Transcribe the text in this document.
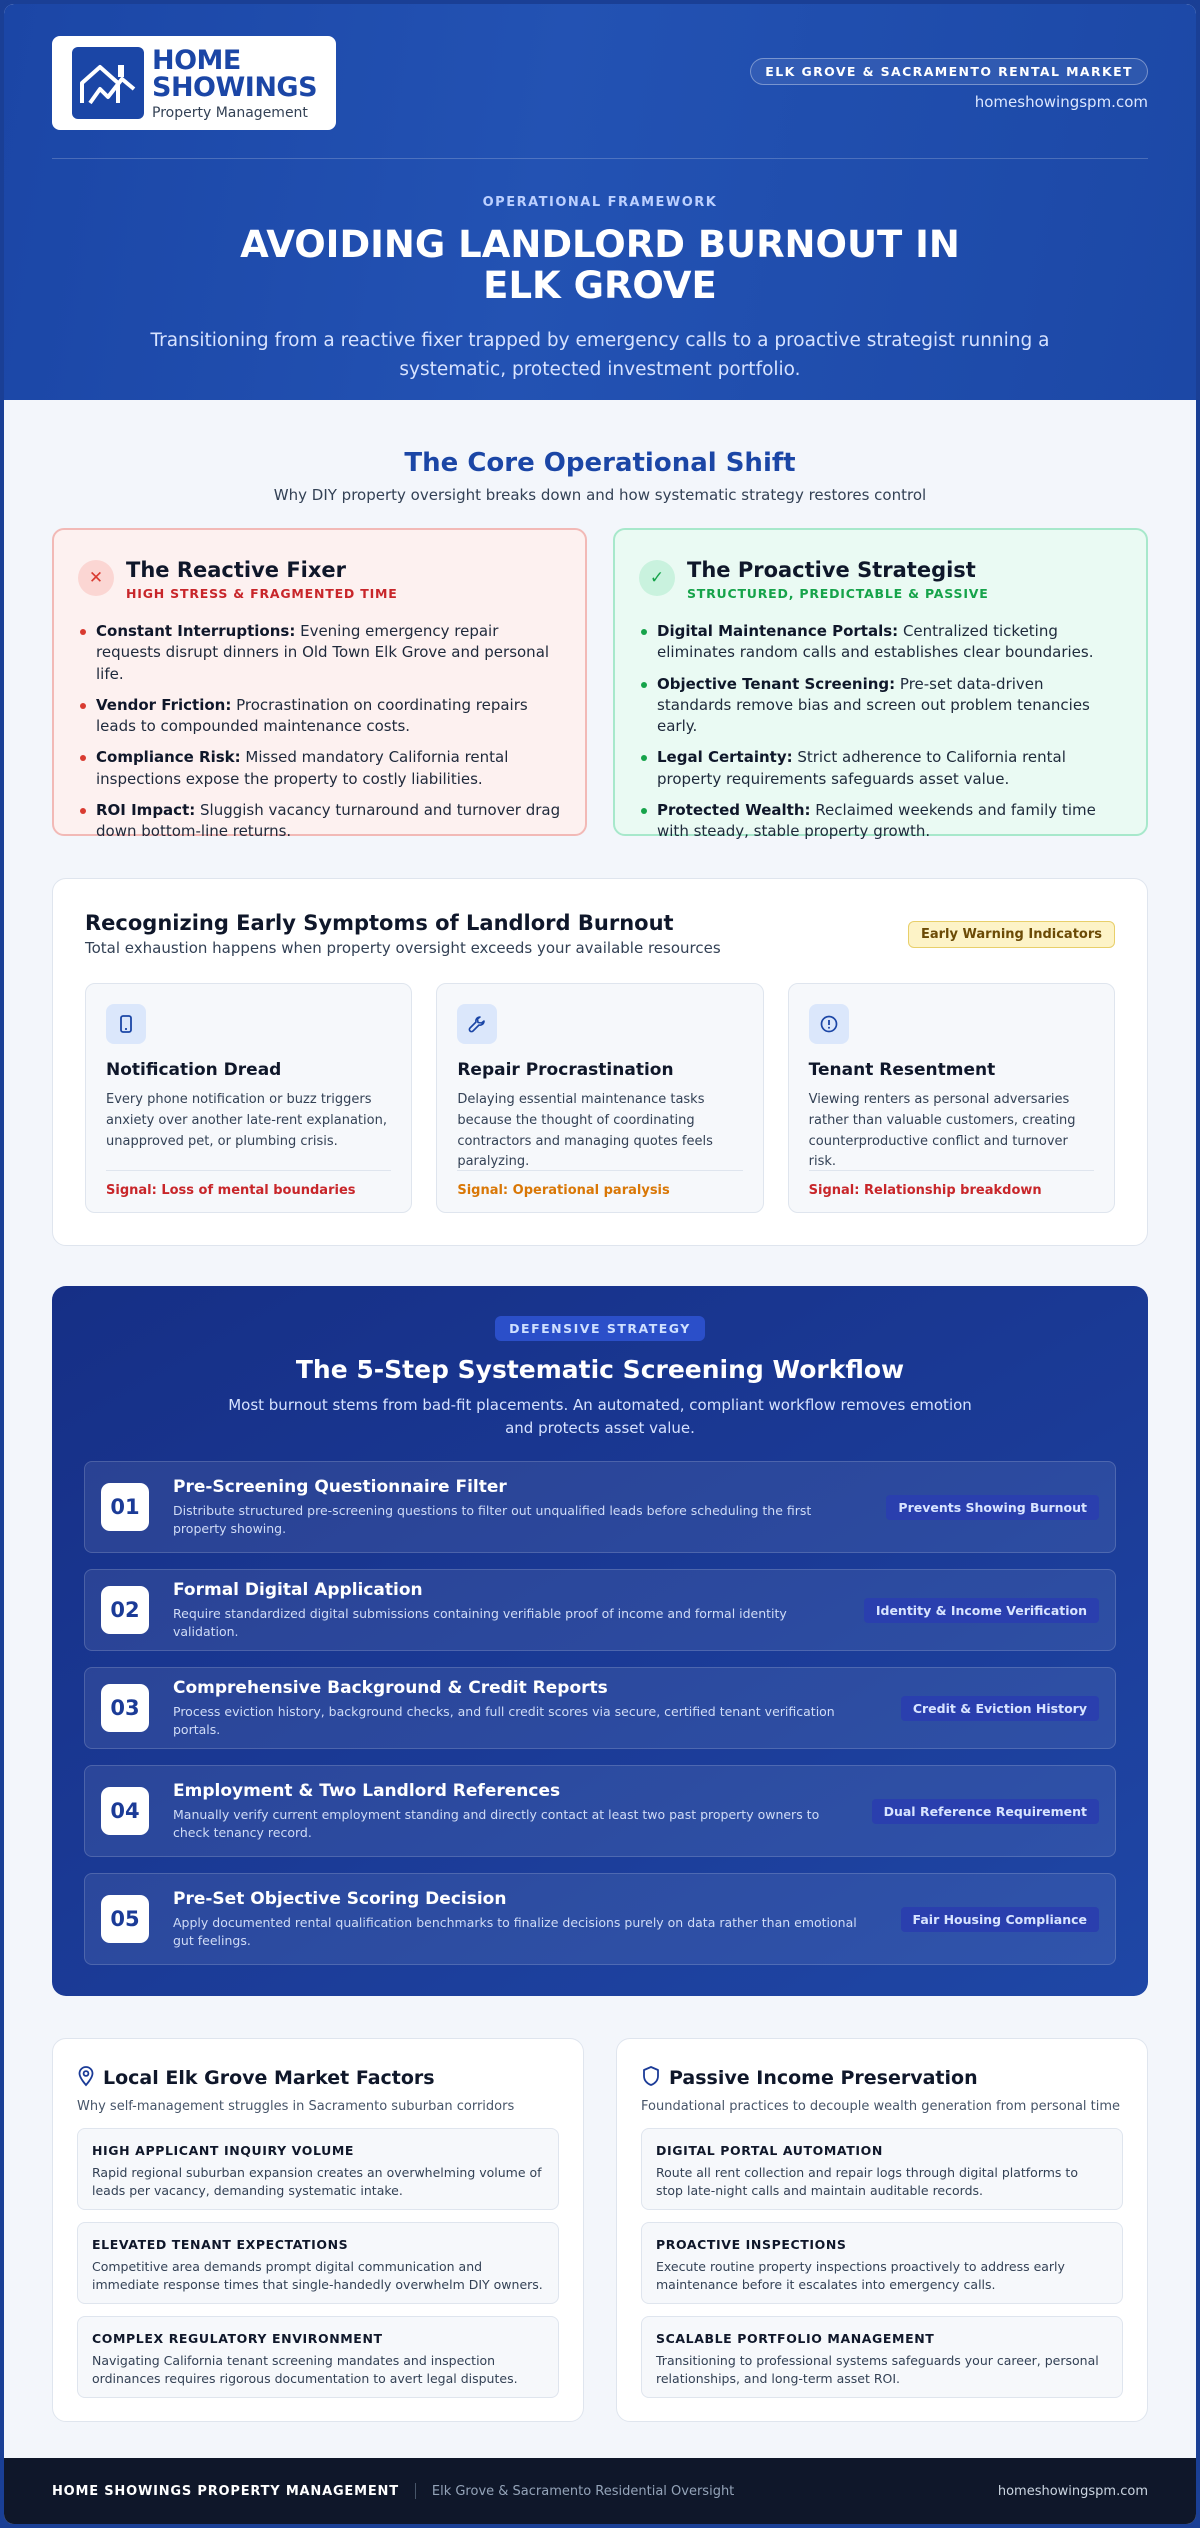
HOME
SHOWINGS
Property Management
ELK GROVE & SACRAMENTO RENTAL MARKET
homeshowingspm.com
OPERATIONAL FRAMEWORK
AVOIDING LANDLORD BURNOUT IN ELK GROVE

Transitioning from a reactive fixer trapped by emergency calls to a proactive strategist running a systematic, protected investment portfolio.

The Core Operational Shift

Why DIY property oversight breaks down and how systematic strategy restores control

✕	The Reactive Fixer
HIGH STRESS & FRAGMENTED TIME
Constant Interruptions: Evening emergency repair requests disrupt dinners in Old Town Elk Grove and personal life.
Vendor Friction: Procrastination on coordinating repairs leads to compounded maintenance costs.
Compliance Risk: Missed mandatory California rental inspections expose the property to costly liabilities.
ROI Impact: Sluggish vacancy turnaround and turnover drag down bottom-line returns.
✓	The Proactive Strategist
STRUCTURED, PREDICTABLE & PASSIVE
Digital Maintenance Portals: Centralized ticketing eliminates random calls and establishes clear boundaries.
Objective Tenant Screening: Pre-set data-driven standards remove bias and screen out problem tenancies early.
Legal Certainty: Strict adherence to California rental property requirements safeguards asset value.
Protected Wealth: Reclaimed weekends and family time with steady, stable property growth.
Recognizing Early Symptoms of Landlord Burnout

Total exhaustion happens when property oversight exceeds your available resources

Early Warning Indicators
Notification Dread
Every phone notification or buzz triggers anxiety over another late-rent explanation, unapproved pet, or plumbing crisis.
Signal: Loss of mental boundaries
Repair Procrastination
Delaying essential maintenance tasks because the thought of coordinating contractors and managing quotes feels paralyzing.
Signal: Operational paralysis
Tenant Resentment
Viewing renters as personal adversaries rather than valuable customers, creating counterproductive conflict and turnover risk.
Signal: Relationship breakdown
DEFENSIVE STRATEGY
The 5-Step Systematic Screening Workflow

Most burnout stems from bad-fit placements. An automated, compliant workflow removes emotion and protects asset value.

01
Pre-Screening Questionnaire Filter
Distribute structured pre-screening questions to filter out unqualified leads before scheduling the first property showing.
Prevents Showing Burnout
02
Formal Digital Application
Require standardized digital submissions containing verifiable proof of income and formal identity validation.
Identity & Income Verification
03
Comprehensive Background & Credit Reports
Process eviction history, background checks, and full credit scores via secure, certified tenant verification portals.
Credit & Eviction History
04
Employment & Two Landlord References
Manually verify current employment standing and directly contact at least two past property owners to check tenancy record.
Dual Reference Requirement
05
Pre-Set Objective Scoring Decision
Apply documented rental qualification benchmarks to finalize decisions purely on data rather than emotional gut feelings.
Fair Housing Compliance
Local Elk Grove Market Factors

Why self-management struggles in Sacramento suburban corridors

HIGH APPLICANT INQUIRY VOLUME
Rapid regional suburban expansion creates an overwhelming volume of leads per vacancy, demanding systematic intake.
ELEVATED TENANT EXPECTATIONS
Competitive area demands prompt digital communication and immediate response times that single-handedly overwhelm DIY owners.
COMPLEX REGULATORY ENVIRONMENT
Navigating California tenant screening mandates and inspection ordinances requires rigorous documentation to avert legal disputes.
Passive Income Preservation

Foundational practices to decouple wealth generation from personal time

DIGITAL PORTAL AUTOMATION
Route all rent collection and repair logs through digital platforms to stop late-night calls and maintain auditable records.
PROACTIVE INSPECTIONS
Execute routine property inspections proactively to address early maintenance before it escalates into emergency calls.
SCALABLE PORTFOLIO MANAGEMENT
Transitioning to professional systems safeguards your career, personal relationships, and long-term asset ROI.
HOME SHOWINGS PROPERTY MANAGEMENT	Elk Grove & Sacramento Residential Oversight	homeshowingspm.com
